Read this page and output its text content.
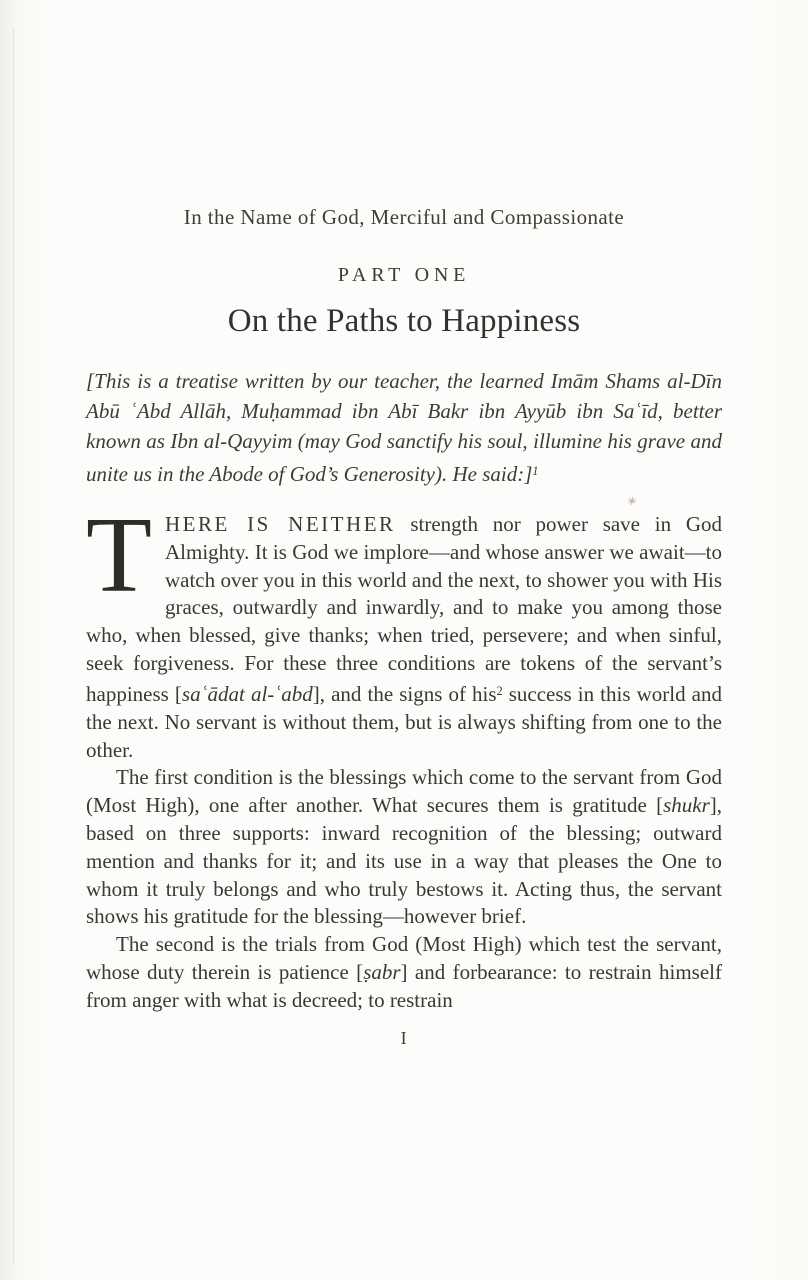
In the Name of God, Merciful and Compassionate
PART ONE
On the Paths to Happiness
[This is a treatise written by our teacher, the learned Imām Shams al-Dīn Abū ʿAbd Allāh, Muḥammad ibn Abī Bakr ibn Ayyūb ibn Saʿīd, better known as Ibn al-Qayyim (may God sanctify his soul, illumine his grave and unite us in the Abode of God’s Generosity). He said:]$^1$
✳

THERE IS NEITHER strength nor power save in God Almighty. It is God we implore—and whose answer we await—to watch over you in this world and the next, to shower you with His graces, outwardly and inwardly, and to make you among those who, when blessed, give thanks; when tried, persevere; and when sinful, seek forgiveness. For these three conditions are tokens of the servant’s happiness [saʿādat al-ʿabd], and the signs of his$^2$ success in this world and the next. No servant is without them, but is always shifting from one to the other.

The first condition is the blessings which come to the servant from God (Most High), one after another. What secures them is gratitude [shukr], based on three supports: inward recognition of the blessing; outward mention and thanks for it; and its use in a way that pleases the One to whom it truly belongs and who truly bestows it. Acting thus, the servant shows his gratitude for the blessing—however brief.

The second is the trials from God (Most High) which test the servant, whose duty therein is patience [ṣabr] and forbearance: to restrain himself from anger with what is decreed; to restrain

I
